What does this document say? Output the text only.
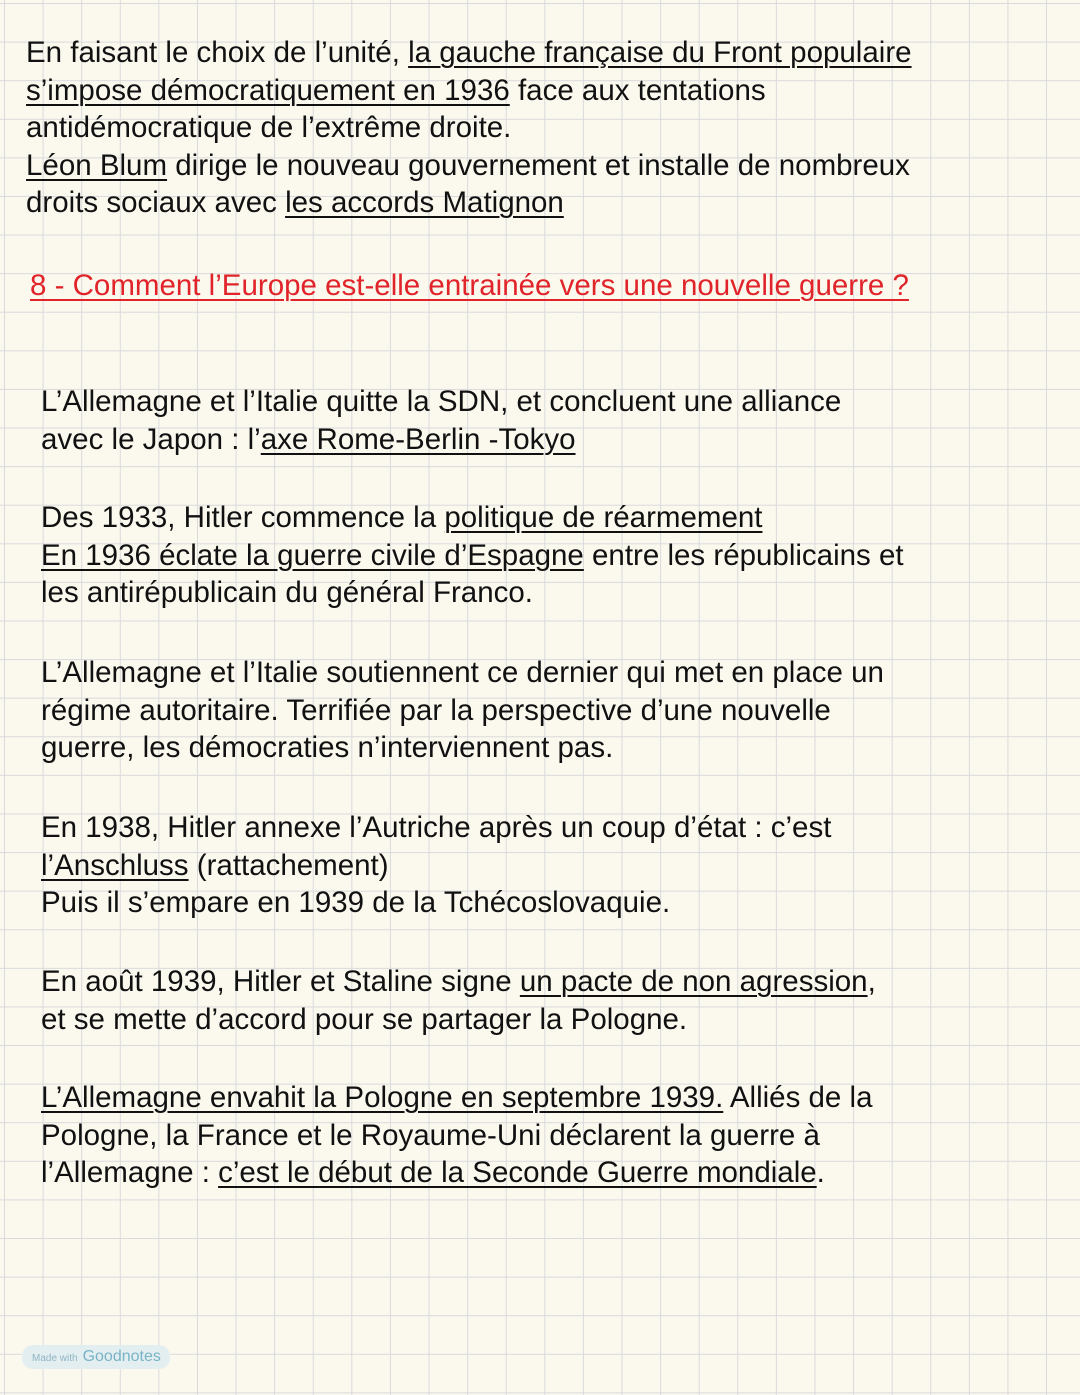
En faisant le choix de l’unité, la gauche française du Front populaire
s’impose démocratiquement en 1936 face aux tentations
antidémocratique de l’extrême droite.
Léon Blum dirige le nouveau gouvernement et installe de nombreux
droits sociaux avec les accords Matignon
8 - Comment l’Europe est-elle entrainée vers une nouvelle guerre ?
L’Allemagne et l’Italie quitte la SDN, et concluent une alliance
avec le Japon : l’axe Rome-Berlin -Tokyo
Des 1933, Hitler commence la politique de réarmement
En 1936 éclate la guerre civile d’Espagne entre les républicains et
les antirépublicain du général Franco.
L’Allemagne et l’Italie soutiennent ce dernier qui met en place un
régime autoritaire. Terrifiée par la perspective d’une nouvelle
guerre, les démocraties n’interviennent pas.
En 1938, Hitler annexe l’Autriche après un coup d’état : c’est
l’Anschluss (rattachement)
Puis il s’empare en 1939 de la Tchécoslovaquie.
En août 1939, Hitler et Staline signe un pacte de non agression,
et se mette d’accord pour se partager la Pologne.
L’Allemagne envahit la Pologne en septembre 1939. Alliés de la
Pologne, la France et le Royaume-Uni déclarent la guerre à
l’Allemagne : c’est le début de la Seconde Guerre mondiale.
Made with Goodnotes
